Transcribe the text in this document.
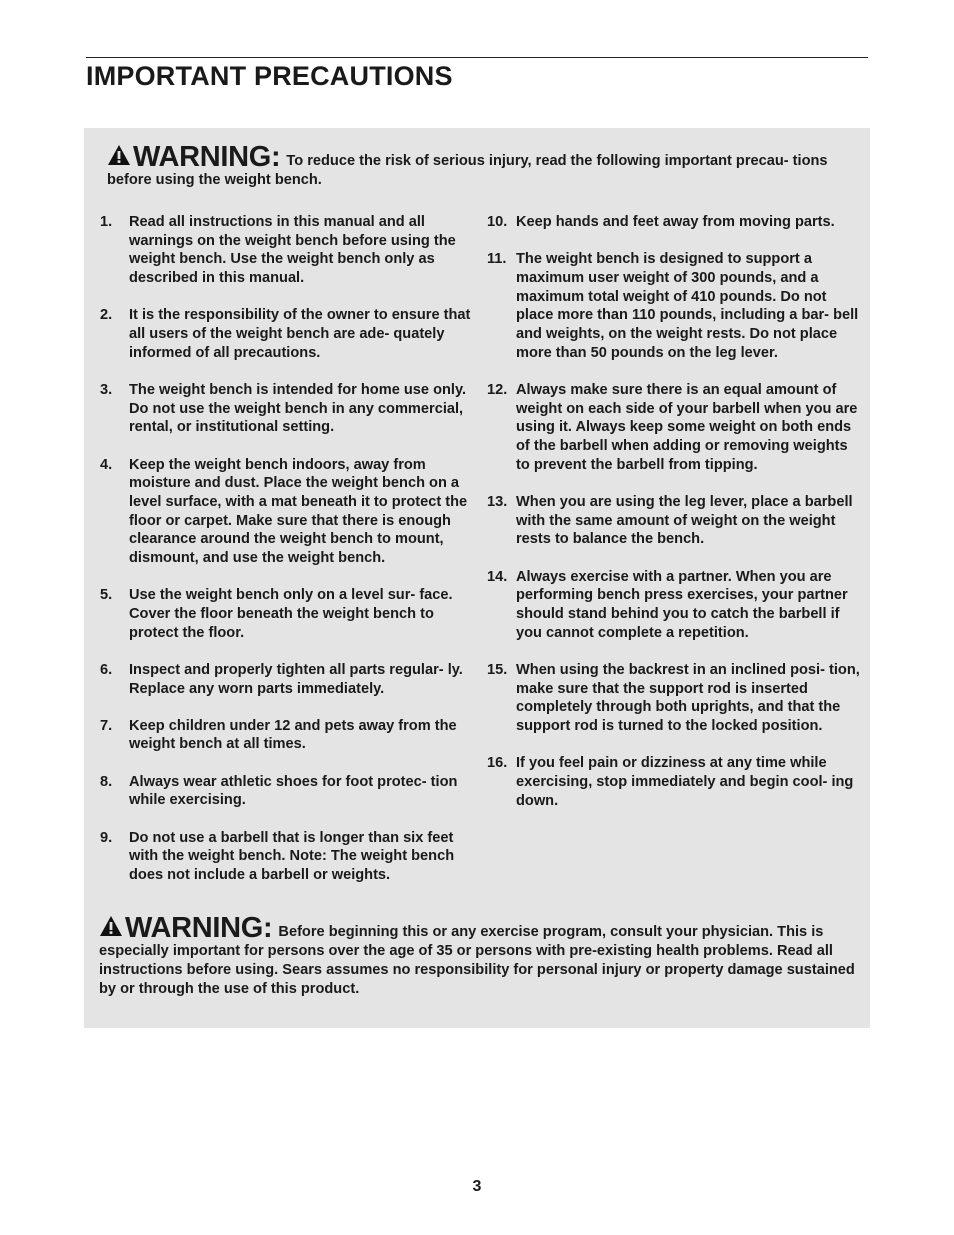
IMPORTANT PRECAUTIONS
WARNING: To reduce the risk of serious injury, read the following important precau- tions before using the weight bench.
1. Read all instructions in this manual and all warnings on the weight bench before using the weight bench. Use the weight bench only as described in this manual.
2. It is the responsibility of the owner to ensure that all users of the weight bench are ade- quately informed of all precautions.
3. The weight bench is intended for home use only. Do not use the weight bench in any commercial, rental, or institutional setting.
4. Keep the weight bench indoors, away from moisture and dust. Place the weight bench on a level surface, with a mat beneath it to protect the floor or carpet. Make sure that there is enough clearance around the weight bench to mount, dismount, and use the weight bench.
5. Use the weight bench only on a level sur- face. Cover the floor beneath the weight bench to protect the floor.
6. Inspect and properly tighten all parts regular- ly. Replace any worn parts immediately.
7. Keep children under 12 and pets away from the weight bench at all times.
8. Always wear athletic shoes for foot protec- tion while exercising.
9. Do not use a barbell that is longer than six feet with the weight bench. Note: The weight bench does not include a barbell or weights.
10. Keep hands and feet away from moving parts.
11. The weight bench is designed to support a maximum user weight of 300 pounds, and a maximum total weight of 410 pounds. Do not place more than 110 pounds, including a bar- bell and weights, on the weight rests. Do not place more than 50 pounds on the leg lever.
12. Always make sure there is an equal amount of weight on each side of your barbell when you are using it. Always keep some weight on both ends of the barbell when adding or removing weights to prevent the barbell from tipping.
13. When you are using the leg lever, place a barbell with the same amount of weight on the weight rests to balance the bench.
14. Always exercise with a partner. When you are performing bench press exercises, your partner should stand behind you to catch the barbell if you cannot complete a repetition.
15. When using the backrest in an inclined posi- tion, make sure that the support rod is inserted completely through both uprights, and that the support rod is turned to the locked position.
16. If you feel pain or dizziness at any time while exercising, stop immediately and begin cool- ing down.
WARNING: Before beginning this or any exercise program, consult your physician. This is especially important for persons over the age of 35 or persons with pre-existing health problems. Read all instructions before using. Sears assumes no responsibility for personal injury or property damage sustained by or through the use of this product.
3
